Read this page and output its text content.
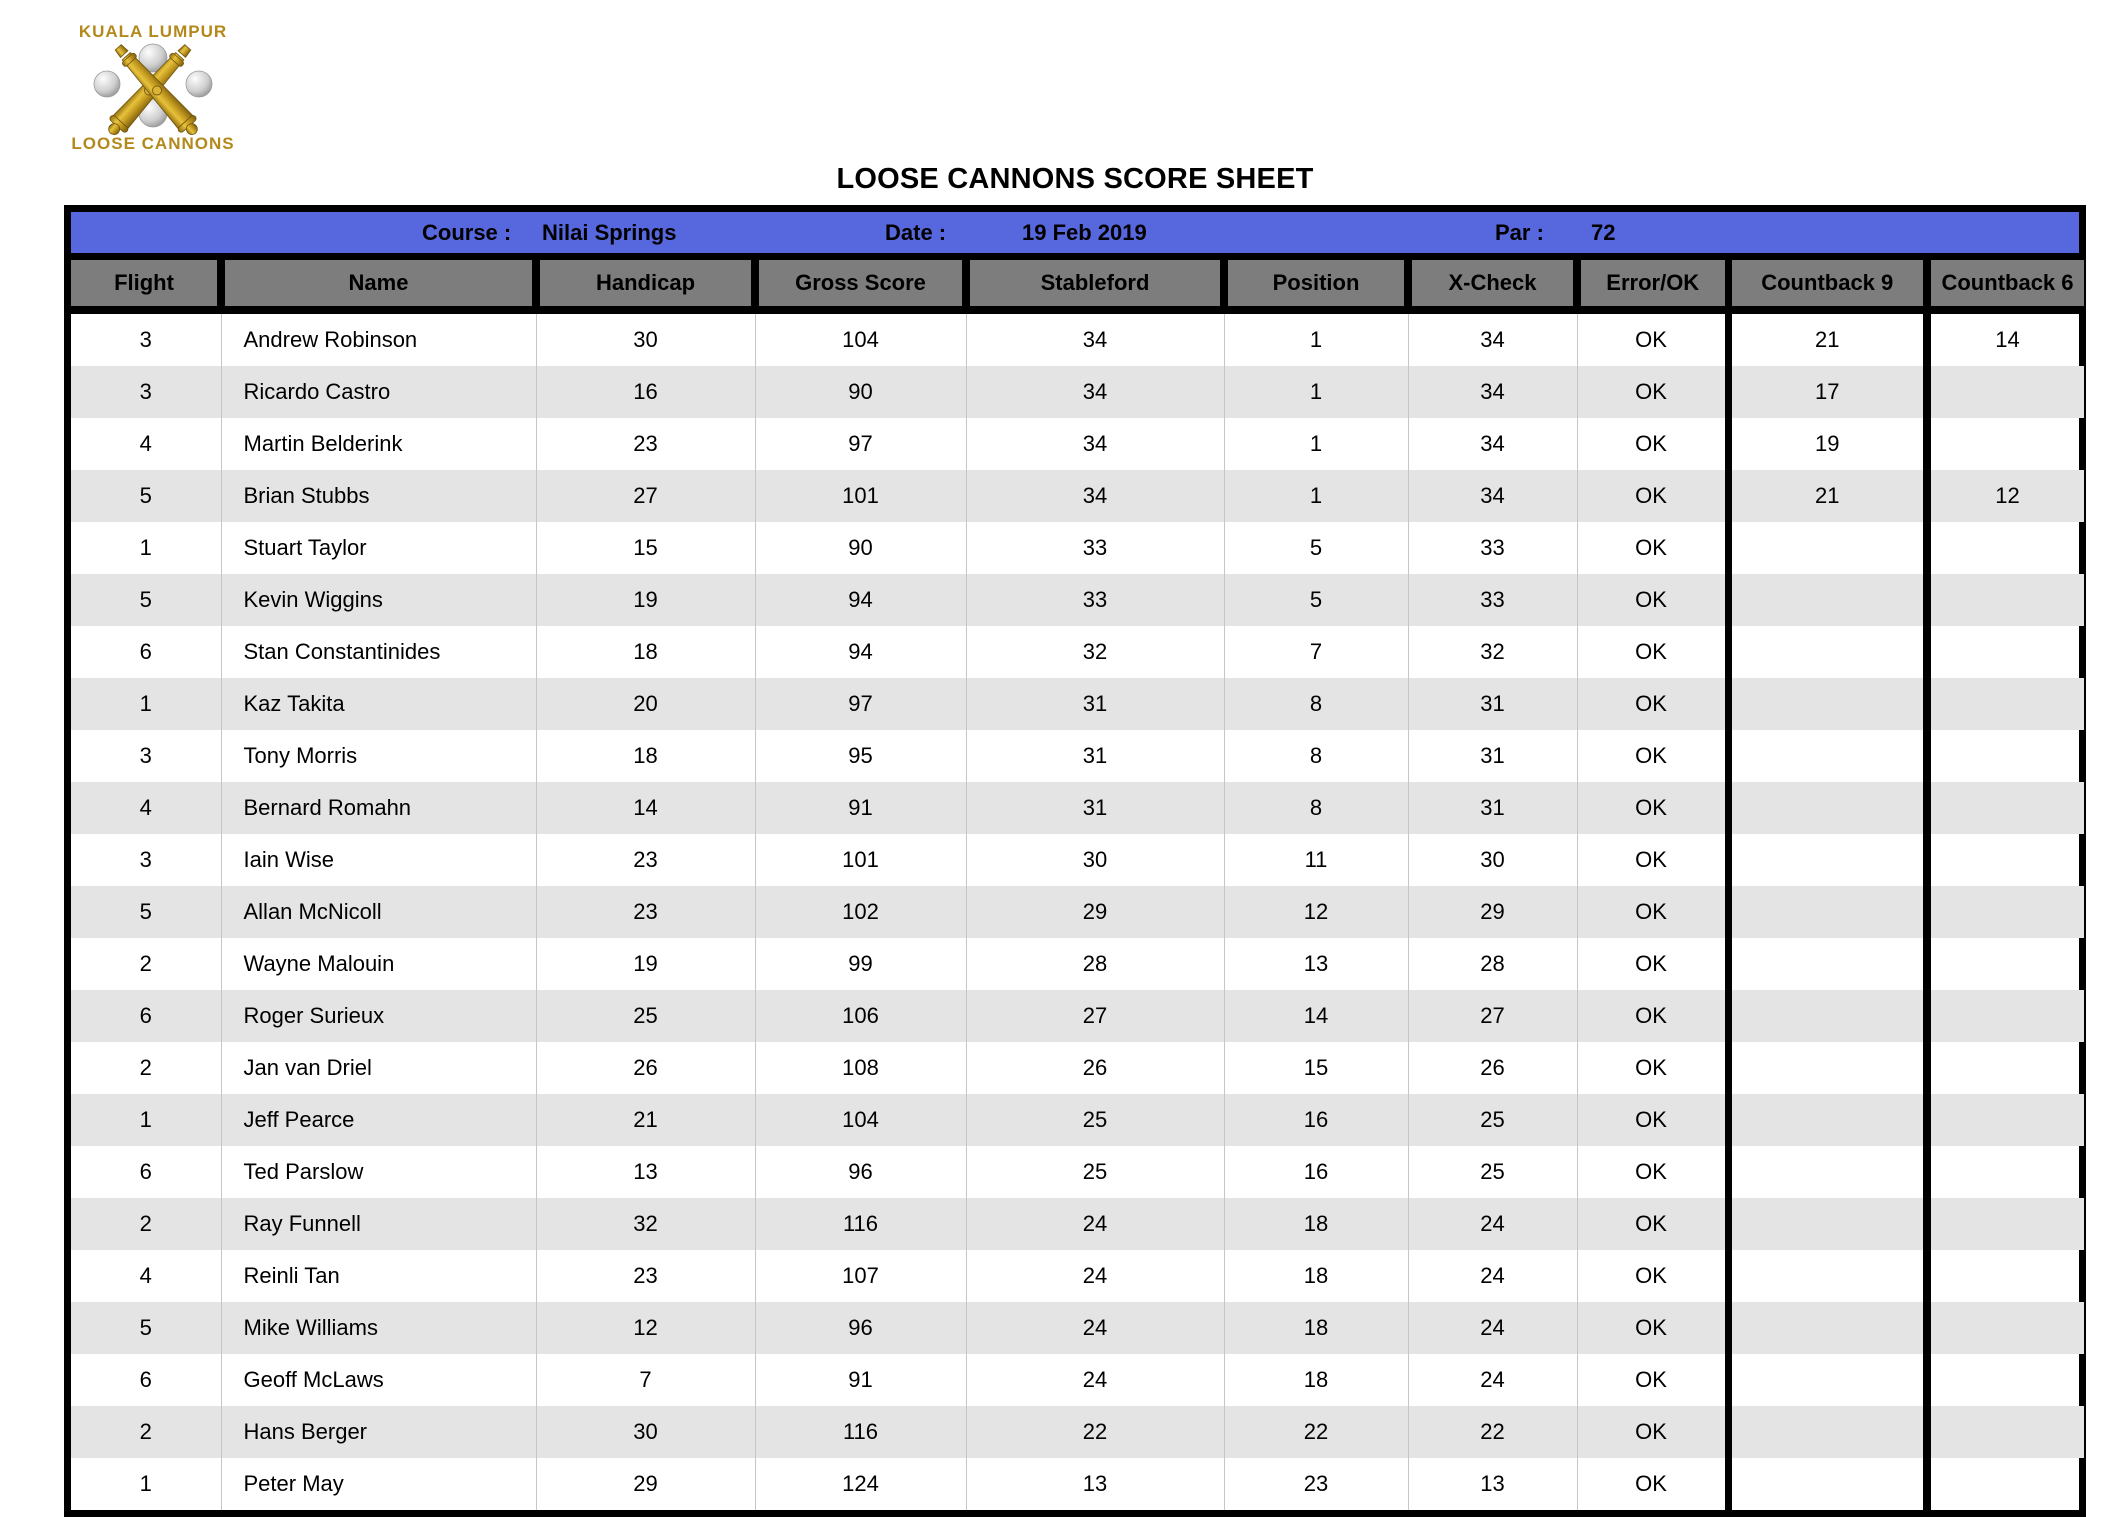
KUALA LUMPUR
LOOSE CANNONS
LOOSE CANNONS SCORE SHEET
Course : Nilai Springs	Date :	19 Feb 2019	Par : 72
Flight	Name	Handicap	Gross Score	Stableford	Position	X-Check	Error/OK	Countback 9	Countback 6
3	Andrew Robinson	30	104	34	1	34	OK	21	14
3	Ricardo Castro	16	90	34	1	34	OK	17	
4	Martin Belderink	23	97	34	1	34	OK	19	
5	Brian Stubbs	27	101	34	1	34	OK	21	12
1	Stuart Taylor	15	90	33	5	33	OK		
5	Kevin Wiggins	19	94	33	5	33	OK		
6	Stan Constantinides	18	94	32	7	32	OK		
1	Kaz Takita	20	97	31	8	31	OK		
3	Tony Morris	18	95	31	8	31	OK		
4	Bernard Romahn	14	91	31	8	31	OK		
3	Iain Wise	23	101	30	11	30	OK		
5	Allan McNicoll	23	102	29	12	29	OK		
2	Wayne Malouin	19	99	28	13	28	OK		
6	Roger Surieux	25	106	27	14	27	OK		
2	Jan van Driel	26	108	26	15	26	OK		
1	Jeff Pearce	21	104	25	16	25	OK		
6	Ted Parslow	13	96	25	16	25	OK		
2	Ray Funnell	32	116	24	18	24	OK		
4	Reinli Tan	23	107	24	18	24	OK		
5	Mike Williams	12	96	24	18	24	OK		
6	Geoff McLaws	7	91	24	18	24	OK		
2	Hans Berger	30	116	22	22	22	OK		
1	Peter May	29	124	13	23	13	OK		
